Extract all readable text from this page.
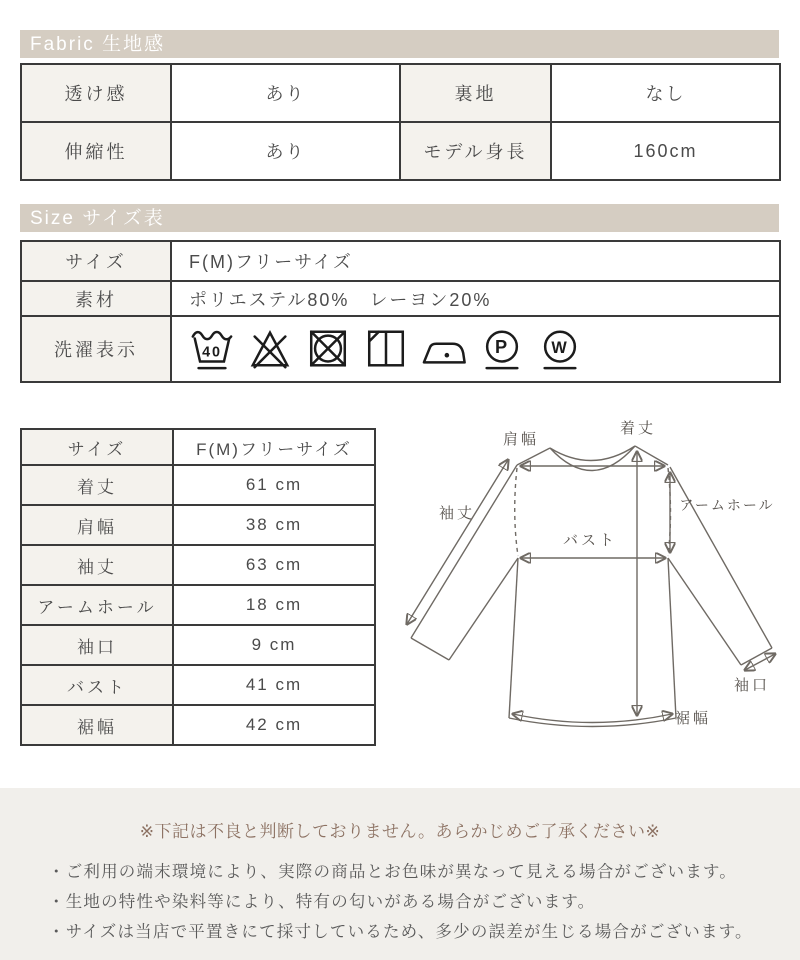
Fabric 生地感
透け感	あり	裏地	なし
伸縮性	あり	モデル身長	160cm
Size サイズ表
サイズ	F(M)フリーサイズ
素材	ポリエステル80%　レーヨン20%
洗濯表示	40 P W
サイズ	F(M)フリーサイズ
着丈	61 cm
肩幅	38 cm
袖丈	63 cm
アームホール	18 cm
袖口	9 cm
バスト	41 cm
裾幅	42 cm
肩幅
着丈
袖丈
バスト
アームホール
袖口
裾幅

※下記は不良と判断しておりません。あらかじめご了承ください※

・ご利用の端末環境により、実際の商品とお色味が異なって見える場合がございます。

・生地の特性や染料等により、特有の匂いがある場合がございます。

・サイズは当店で平置きにて採寸しているため、多少の誤差が生じる場合がございます。
